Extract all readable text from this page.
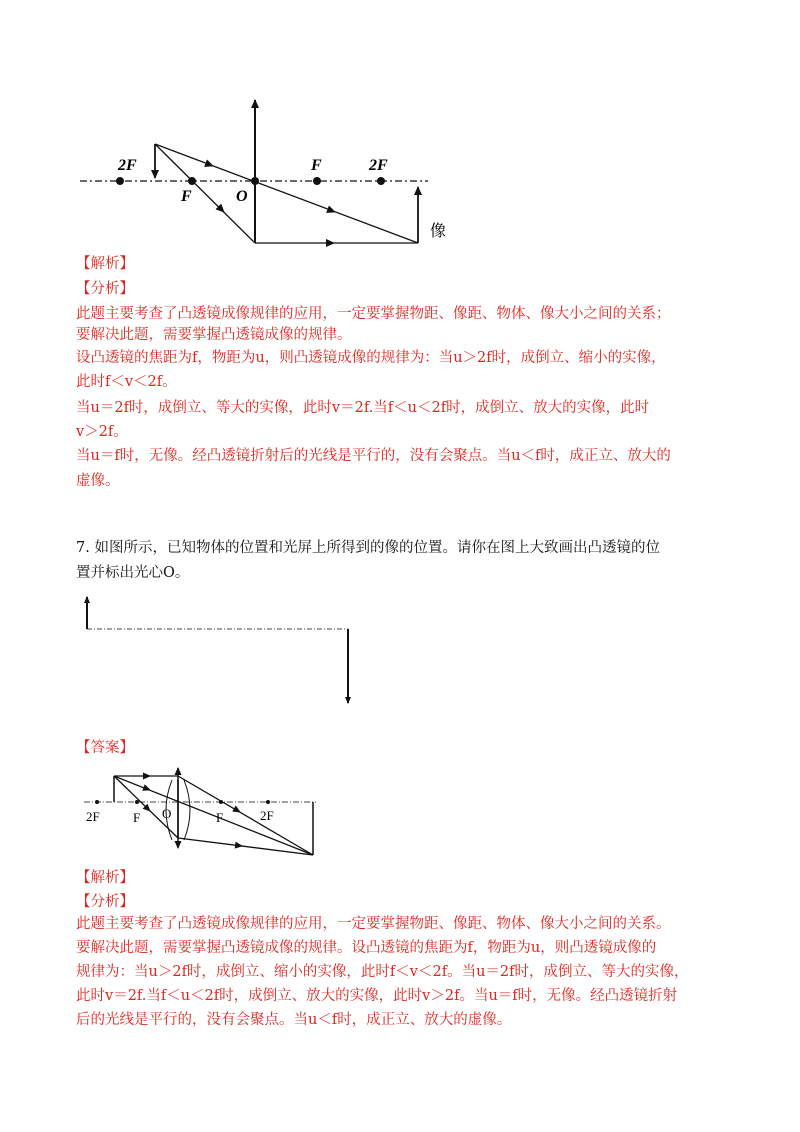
2F
F	O
F	2F
像
【解析】
【分析】
此题主要考查了凸透镜成像规律的应用，一定要掌握物距、像距、物体、像大小之间的关系；
要解决此题，需要掌握凸透镜成像的规律。
设凸透镜的焦距为f，物距为u，则凸透镜成像的规律为：当u＞2f时，成倒立、缩小的实像，
此时f＜v＜2f。
当u＝2f时，成倒立、等大的实像，此时v＝2f.当f＜u＜2f时，成倒立、放大的实像，此时
v＞2f。
当u＝f时，无像。经凸透镜折射后的光线是平行的，没有会聚点。当u＜f时，成正立、放大的
虚像。
7. 如图所示，已知物体的位置和光屏上所得到的像的位置。请你在图上大致画出凸透镜的位
置并标出光心O。
【答案】
2F	F O	F	2F
【解析】
【分析】
此题主要考查了凸透镜成像规律的应用，一定要掌握物距、像距、物体、像大小之间的关系。
要解决此题，需要掌握凸透镜成像的规律。设凸透镜的焦距为f，物距为u，则凸透镜成像的
规律为：当u＞2f时，成倒立、缩小的实像，此时f＜v＜2f。当u＝2f时，成倒立、等大的实像，
此时v＝2f.当f＜u＜2f时，成倒立、放大的实像，此时v＞2f。当u＝f时，无像。经凸透镜折射
后的光线是平行的，没有会聚点。当u＜f时，成正立、放大的虚像。
